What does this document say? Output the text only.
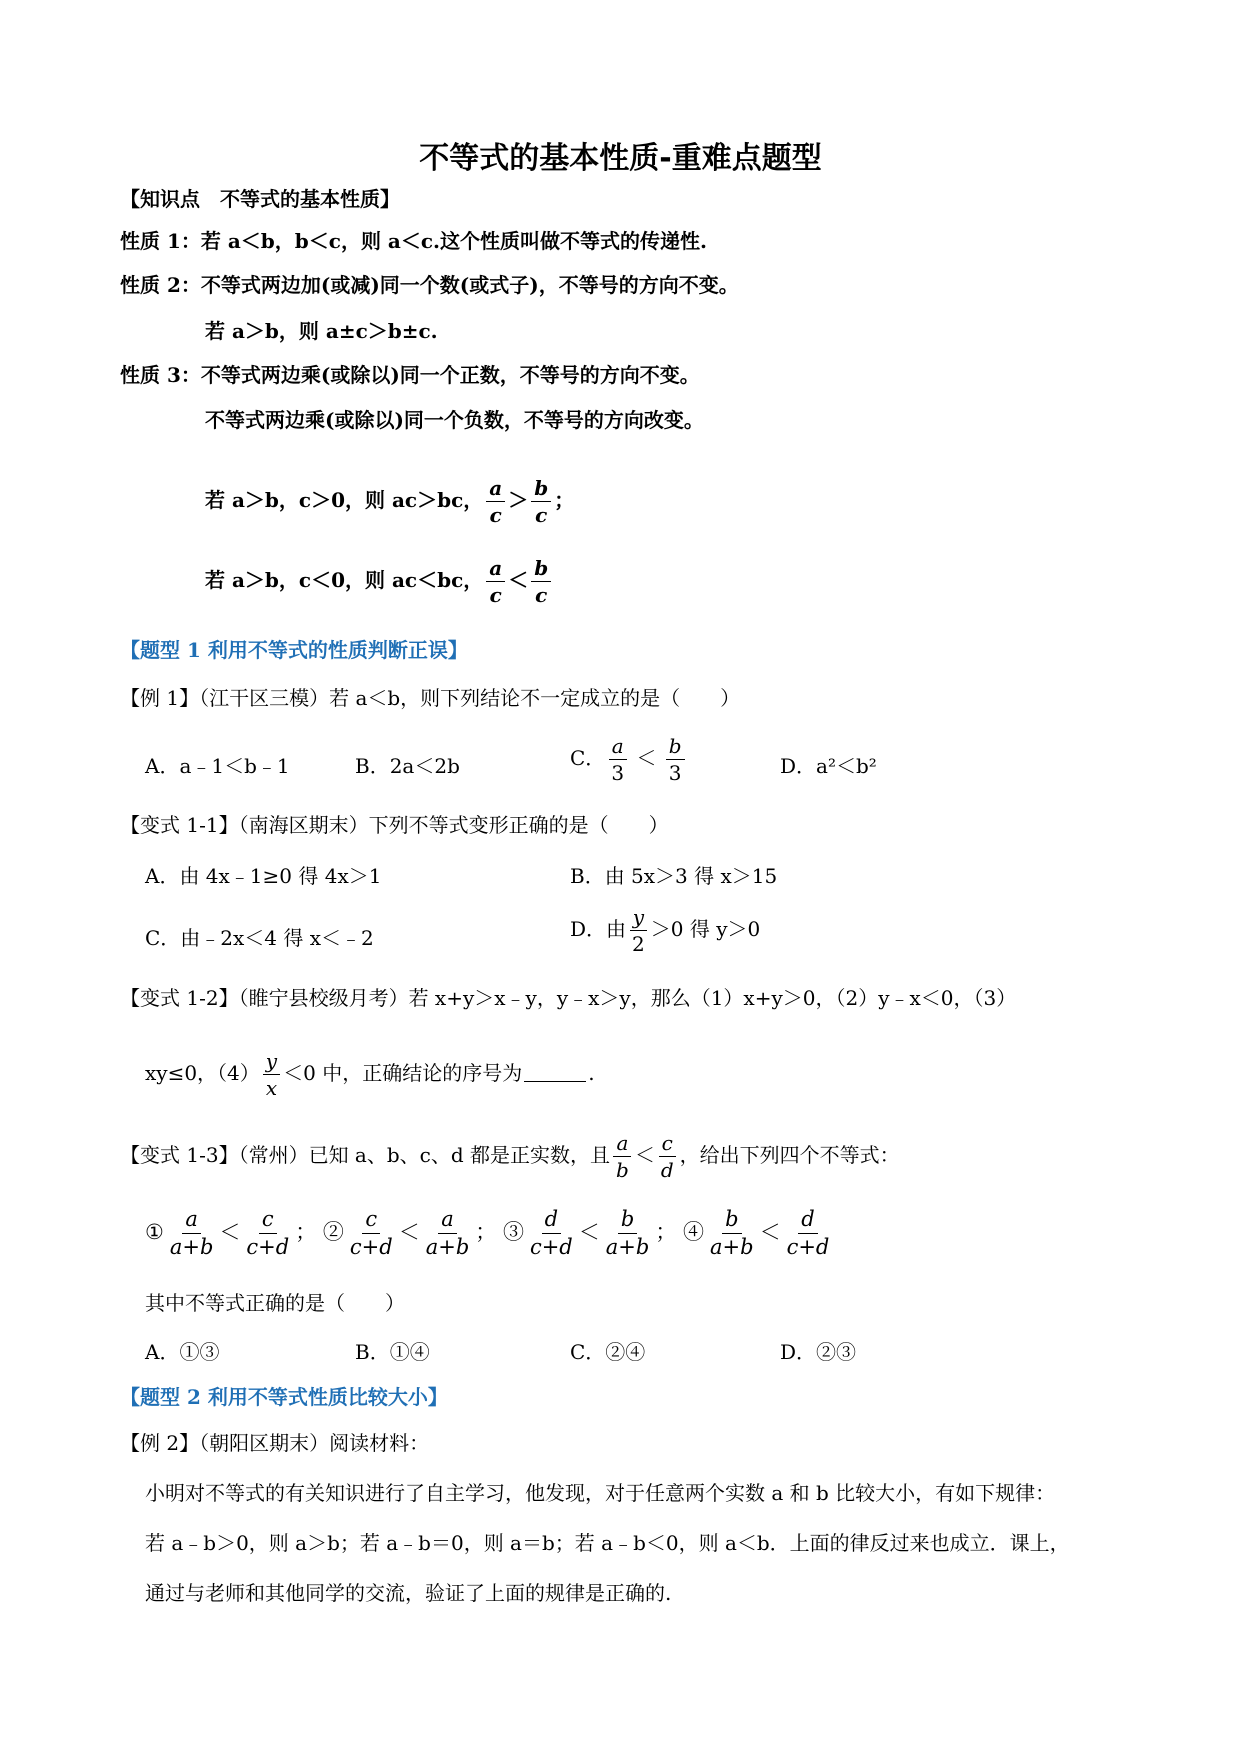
不等式的基本性质-重难点题型
【知识点　不等式的基本性质】
性质 1：若 a＜b，b＜c，则 a＜c.这个性质叫做不等式的传递性.
性质 2：不等式两边加(或减)同一个数(或式子)，不等号的方向不变。
若 a＞b，则 a±c＞b±c.
性质 3：不等式两边乘(或除以)同一个正数，不等号的方向不变。
不等式两边乘(或除以)同一个负数，不等号的方向改变。
若 a＞b，c＞0，则 ac＞bc， $\frac{a}{c} > \frac{b}{c}$ ；
若 a＞b，c＜0，则 ac＜bc， $\frac{a}{c} < \frac{b}{c}$
【题型 1 利用不等式的性质判断正误】
【例 1】（江干区三模）若 a＜b，则下列结论不一定成立的是（　　）
A．a﹣1＜b﹣1	B．2a＜2b	C． $\frac{a}{3} < \frac{b}{3}$	D．a²＜b²
【变式 1-1】（南海区期末）下列不等式变形正确的是（　　）
A．由 4x﹣1≥0 得 4x＞1	B．由 5x＞3 得 x＞15
C．由﹣2x＜4 得 x＜﹣2	D．由 $\frac{y}{2} >0$ 得 y＞0
【变式 1-2】（睢宁县校级月考）若 x+y＞x﹣y，y﹣x＞y，那么（1）x+y＞0，（2）y﹣x＜0，（3）
xy≤0，$(4) \frac{y}{x} <0$ 中，正确结论的序号为	.
【变式 1-3】（常州）已知 a、b、c、d 都是正实数，且 $\frac{a}{b} < \frac{c}{d}$ ，给出下列四个不等式：
① $\frac{a}{a+b} < \frac{c}{c+d}$ ； ② $\frac{c}{c+d} < \frac{a}{a+b}$ ； ③ $\frac{d}{c+d} < \frac{b}{a+b}$ ； ④ $\frac{b}{a+b} < \frac{d}{c+d}$
其中不等式正确的是（　　）
A．①③	B．①④	C．②④	D．②③
【题型 2 利用不等式性质比较大小】
【例 2】（朝阳区期末）阅读材料：
小明对不等式的有关知识进行了自主学习，他发现，对于任意两个实数 a 和 b 比较大小，有如下规律：
若 a﹣b＞0，则 a＞b；若 a﹣b＝0，则 a＝b；若 a﹣b＜0，则 a＜b．上面的律反过来也成立．课上，
通过与老师和其他同学的交流，验证了上面的规律是正确的.
